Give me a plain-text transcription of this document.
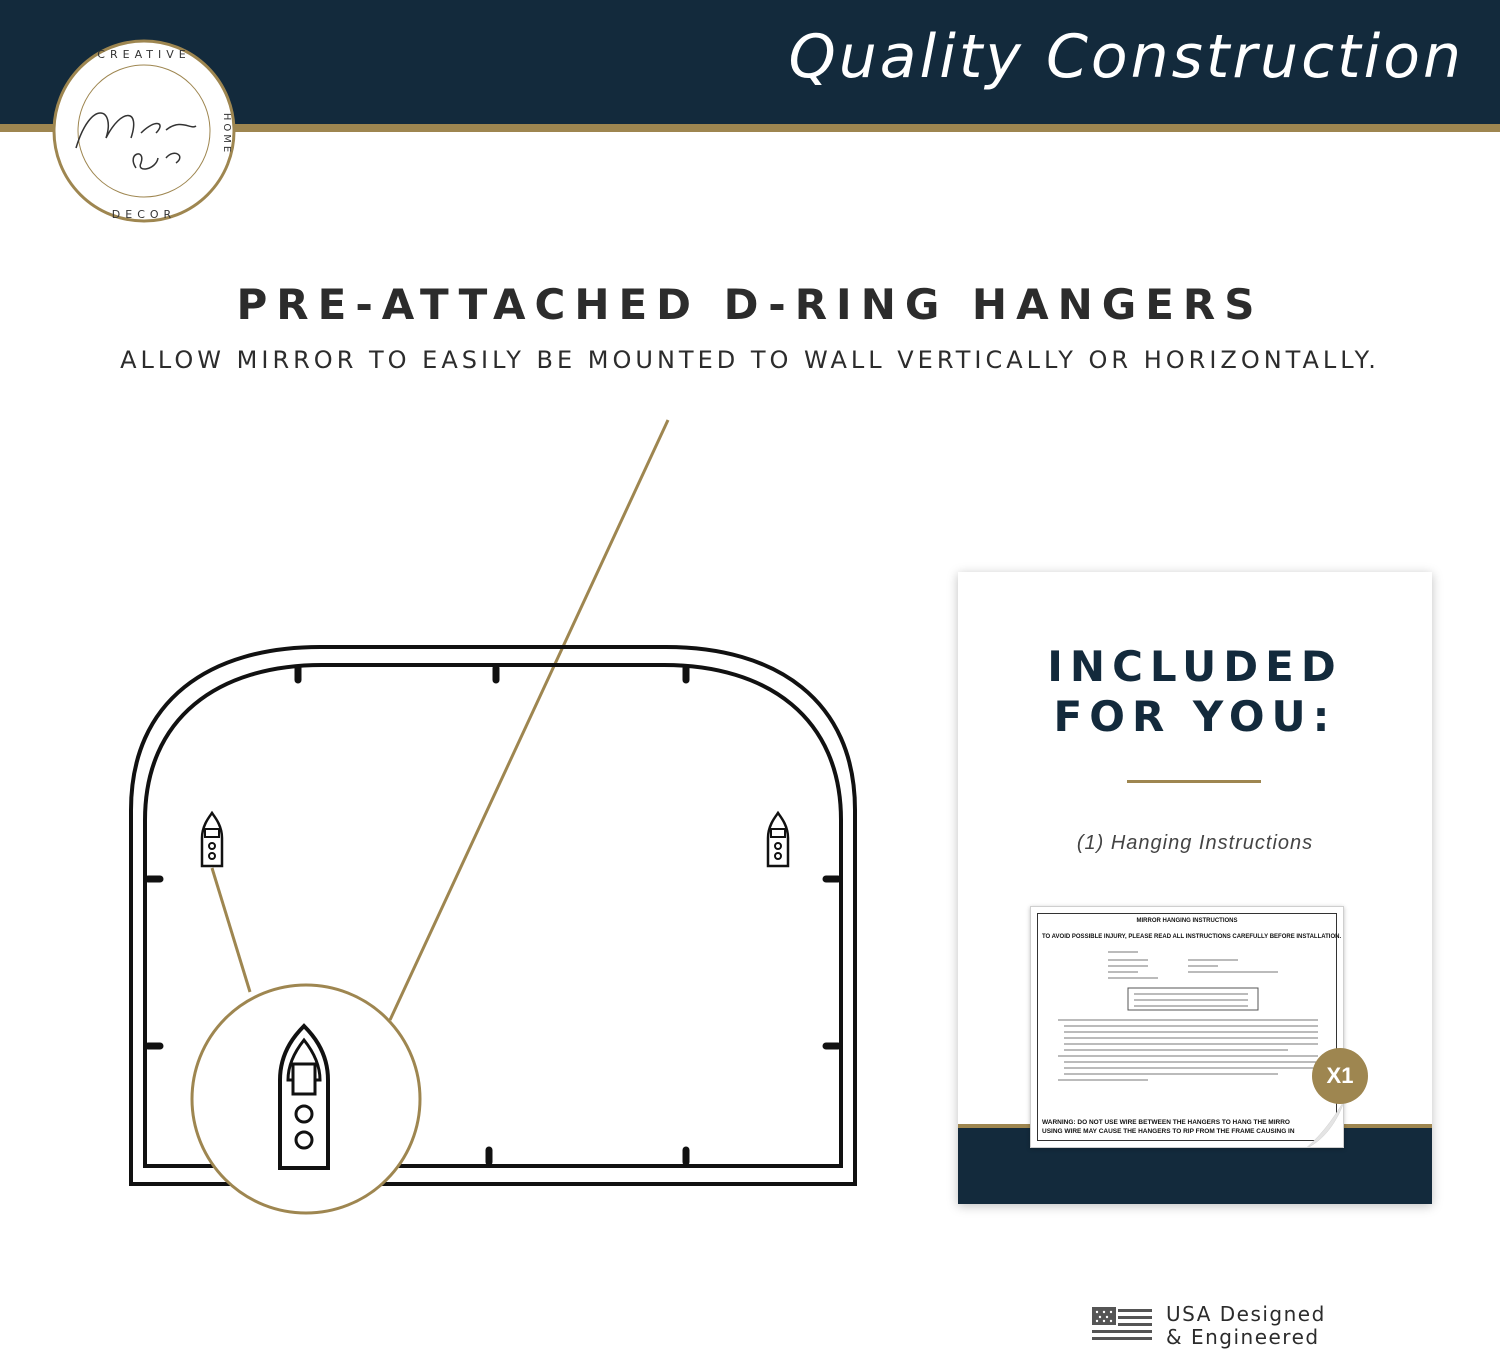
Quality Construction
CREATIVE
DECOR
HOME
PRE-ATTACHED D-RING HANGERS
ALLOW MIRROR TO EASILY BE MOUNTED TO WALL VERTICALLY OR HORIZONTALLY.
INCLUDED
FOR YOU:
(1) Hanging Instructions
MIRROR HANGING INSTRUCTIONS
TO AVOID POSSIBLE INJURY, PLEASE READ ALL INSTRUCTIONS CAREFULLY BEFORE INSTALLATION.
WARNING: DO NOT USE WIRE BETWEEN THE HANGERS TO HANG THE MIRRO
USING WIRE MAY CAUSE THE HANGERS TO RIP FROM THE FRAME CAUSING IN
X1
USA Designed
& Engineered
